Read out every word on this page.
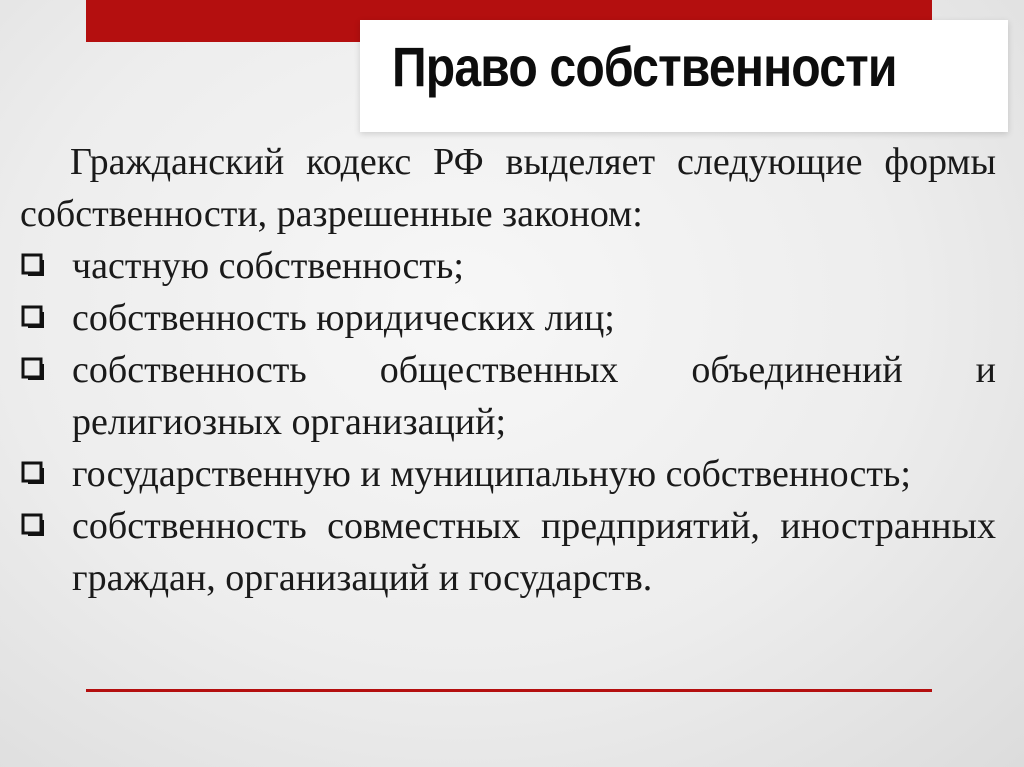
Право собственности

Гражданский кодекс РФ выделяет следующие формы собственности, разрешенные законом:

частную собственность;
собственность юридических лиц;
собственность общественных объединений и религиозных организаций;
государственную и муниципальную собственность;
собственность совместных предприятий, иностранных граждан, организаций и государств.
